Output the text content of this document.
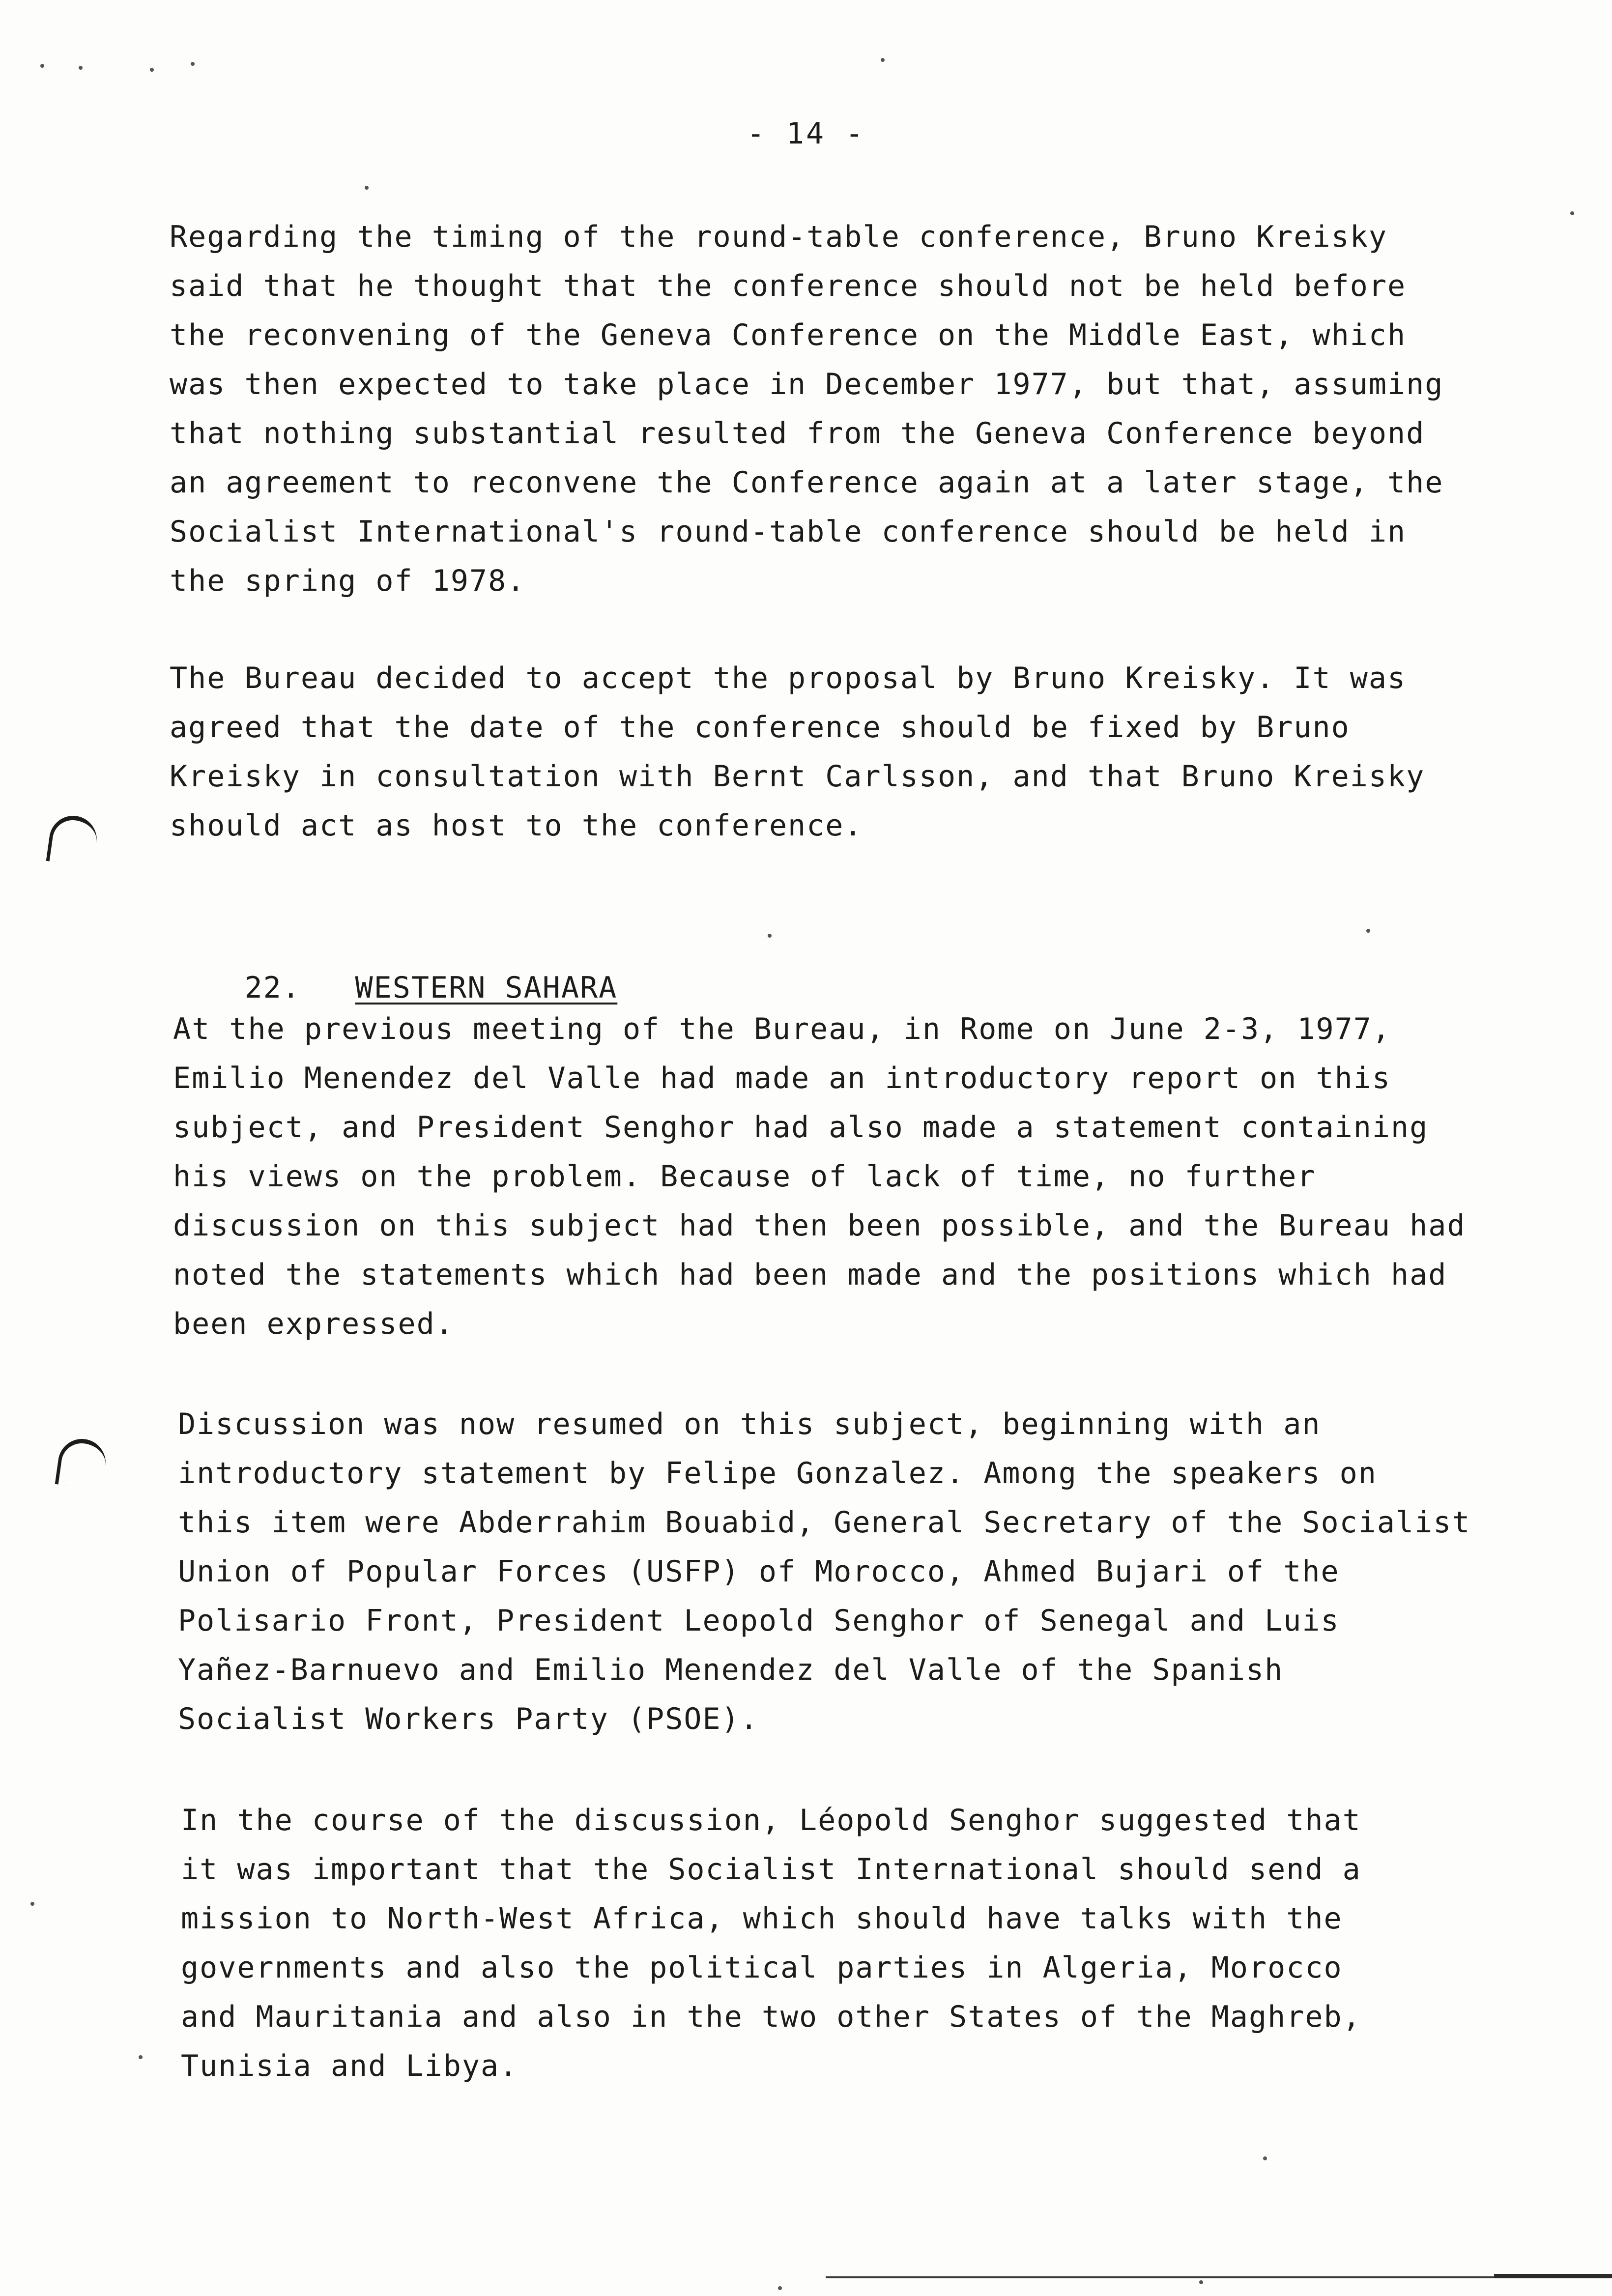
- 14 -
Regarding the timing of the round-table conference, Bruno Kreisky
said that he thought that the conference should not be held before
the reconvening of the Geneva Conference on the Middle East, which
was then expected to take place in December 1977, but that, assuming
that nothing substantial resulted from the Geneva Conference beyond
an agreement to reconvene the Conference again at a later stage, the
Socialist International's round-table conference should be held in
the spring of 1978.
The Bureau decided to accept the proposal by Bruno Kreisky. It was
agreed that the date of the conference should be fixed by Bruno
Kreisky in consultation with Bernt Carlsson, and that Bruno Kreisky
should act as host to the conference.

22. WESTERN SAHARA

At the previous meeting of the Bureau, in Rome on June 2-3, 1977,
Emilio Menendez del Valle had made an introductory report on this
subject, and President Senghor had also made a statement containing
his views on the problem. Because of lack of time, no further
discussion on this subject had then been possible, and the Bureau had
noted the statements which had been made and the positions which had
been expressed.
Discussion was now resumed on this subject, beginning with an
introductory statement by Felipe Gonzalez. Among the speakers on
this item were Abderrahim Bouabid, General Secretary of the Socialist
Union of Popular Forces (USFP) of Morocco, Ahmed Bujari of the
Polisario Front, President Leopold Senghor of Senegal and Luis
Yañez-Barnuevo and Emilio Menendez del Valle of the Spanish
Socialist Workers Party (PSOE).
In the course of the discussion, Léopold Senghor suggested that
it was important that the Socialist International should send a
mission to North-West Africa, which should have talks with the
governments and also the political parties in Algeria, Morocco
and Mauritania and also in the two other States of the Maghreb,
Tunisia and Libya.
